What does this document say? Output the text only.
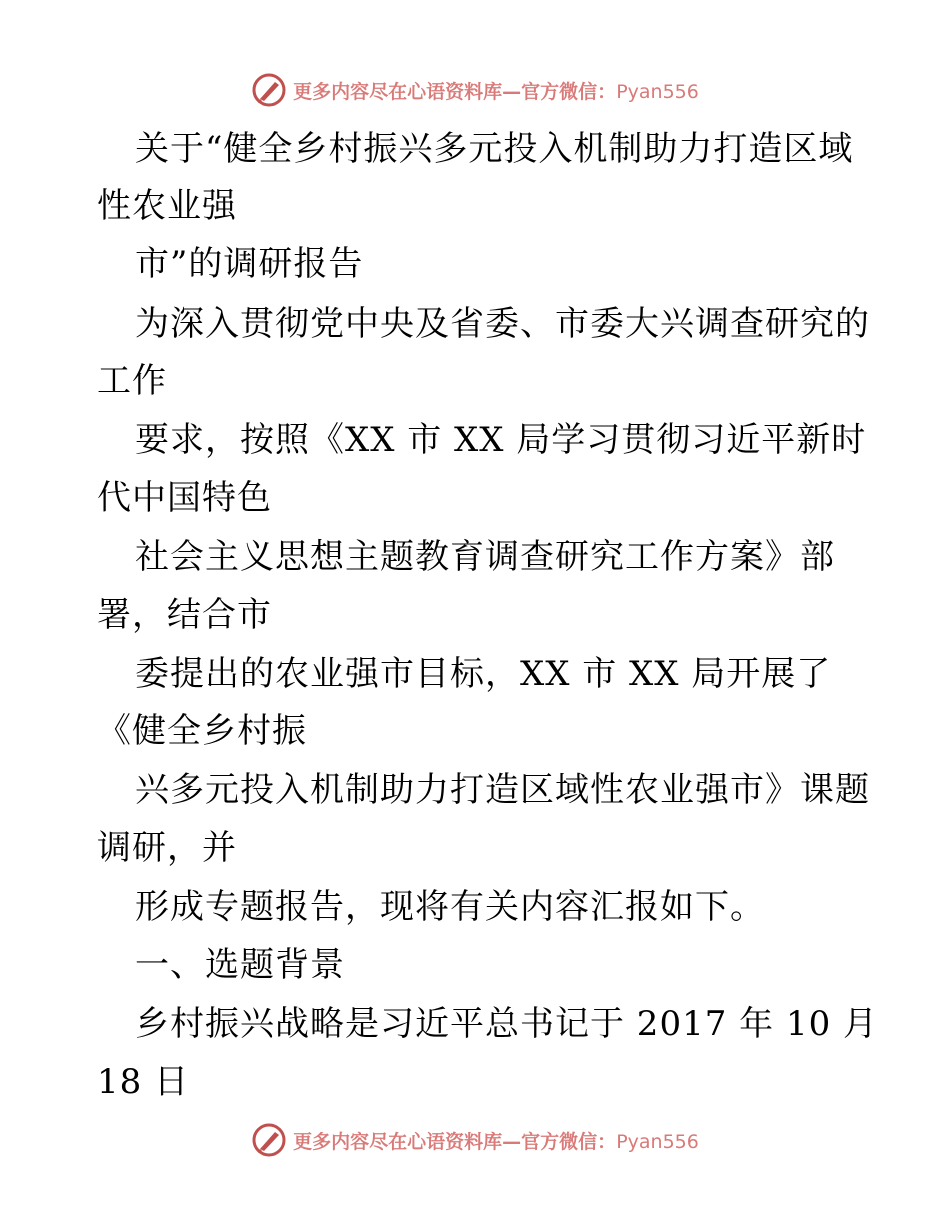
更多内容尽在心语资料库—官方微信：Pyan556
关于“健全乡村振兴多元投入机制助力打造区域
性农业强
市”的调研报告
为深入贯彻党中央及省委、市委大兴调查研究的
工作
要求，按照《XX 市 XX 局学习贯彻习近平新时
代中国特色
社会主义思想主题教育调查研究工作方案》部
署，结合市
委提出的农业强市目标，XX 市 XX 局开展了
《健全乡村振
兴多元投入机制助力打造区域性农业强市》课题
调研，并
形成专题报告，现将有关内容汇报如下。
一、选题背景
乡村振兴战略是习近平总书记于 2017 年 10 月
18 日
更多内容尽在心语资料库—官方微信：Pyan556
